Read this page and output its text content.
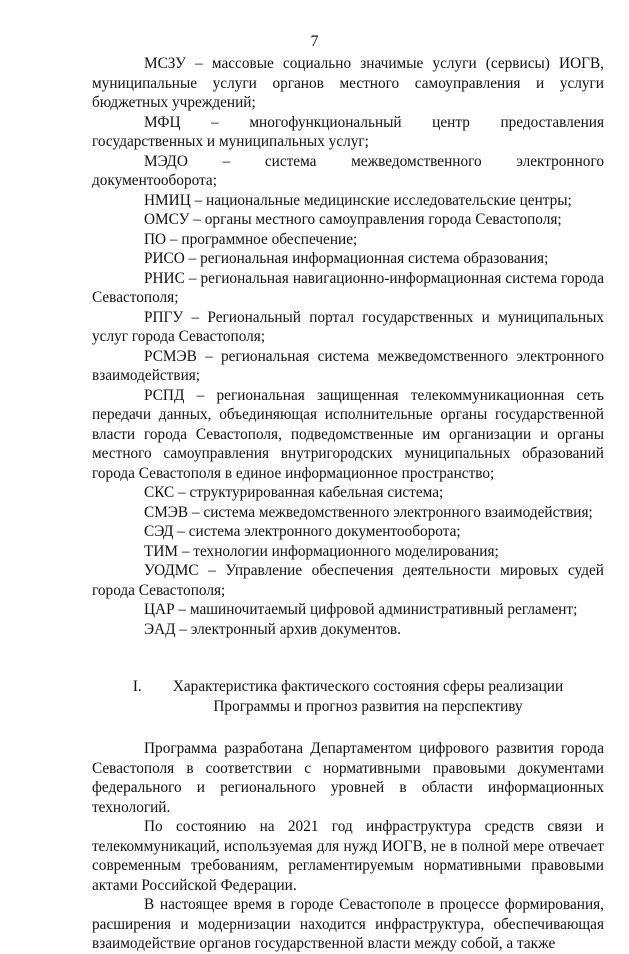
7

МСЗУ – массовые социально значимые услуги (сервисы) ИОГВ, муниципальные услуги органов местного самоуправления и услуги бюджетных учреждений;

МФЦ – многофункциональный центр предоставления государственных и муниципальных услуг;

МЭДО – система межведомственного электронного документооборота;

НМИЦ – национальные медицинские исследовательские центры;

ОМСУ – органы местного самоуправления города Севастополя;

ПО – программное обеспечение;

РИСО – региональная информационная система образования;

РНИС – региональная навигационно-информационная система города Севастополя;

РПГУ – Региональный портал государственных и муниципальных услуг города Севастополя;

РСМЭВ – региональная система межведомственного электронного взаимодействия;

РСПД – региональная защищенная телекоммуникационная сеть передачи данных, объединяющая исполнительные органы государственной власти города Севастополя, подведомственные им организации и органы местного самоуправления внутригородских муниципальных образований города Севастополя в единое информационное пространство;

СКС – структурированная кабельная система;

СМЭВ – система межведомственного электронного взаимодействия;

СЭД – система электронного документооборота;

ТИМ – технологии информационного моделирования;

УОДМС – Управление обеспечения деятельности мировых судей города Севастополя;

ЦАР – машиночитаемый цифровой административный регламент;

ЭАД – электронный архив документов.

I. Характеристика фактического состояния сферы реализации
Программы и прогноз развития на перспективу

Программа разработана Департаментом цифрового развития города Севастополя в соответствии с нормативными правовыми документами федерального и регионального уровней в области информационных технологий.

По состоянию на 2021 год инфраструктура средств связи и телекоммуникаций, используемая для нужд ИОГВ, не в полной мере отвечает современным требованиям, регламентируемым нормативными правовыми актами Российской Федерации.

В настоящее время в городе Севастополе в процессе формирования, расширения и модернизации находится инфраструктура, обеспечивающая взаимодействие органов государственной власти между собой, а также
